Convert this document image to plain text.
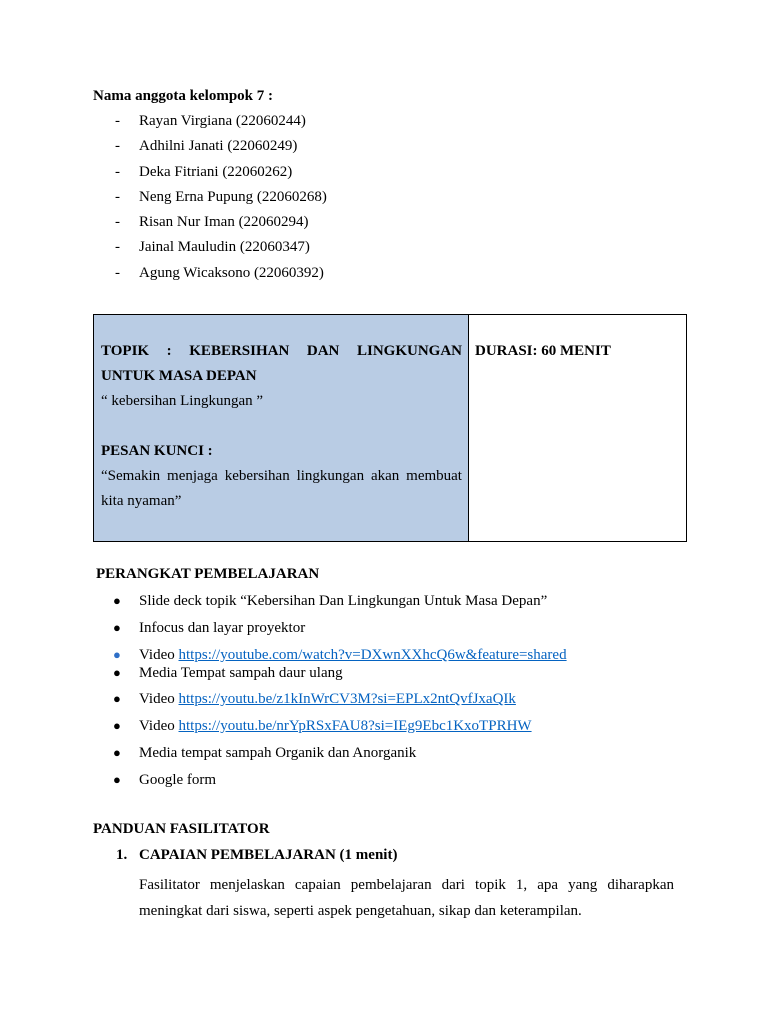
Nama anggota kelompok 7 :
- Rayan Virgiana (22060244)
- Adhilni Janati (22060249)
- Deka Fitriani (22060262)
- Neng Erna Pupung (22060268)
- Risan Nur Iman (22060294)
- Jainal Mauludin (22060347)
- Agung Wicaksono (22060392)
TOPIK : KEBERSIHAN DAN LINGKUNGAN
UNTUK MASA DEPAN
“ kebersihan Lingkungan ”
PESAN KUNCI :
“Semakin menjaga kebersihan lingkungan akan membuat
kita nyaman”
DURASI: 60 MENIT
PERANGKAT PEMBELAJARAN
● Slide deck topik “Kebersihan Dan Lingkungan Untuk Masa Depan”
● Infocus dan layar proyektor
● Video https://youtube.com/watch?v=DXwnXXhcQ6w&feature=shared
● Media Tempat sampah daur ulang
● Video https://youtu.be/z1kInWrCV3M?si=EPLx2ntQvfJxaQIk
● Video https://youtu.be/nrYpRSxFAU8?si=IEg9Ebc1KxoTPRHW
● Media tempat sampah Organik dan Anorganik
● Google form
PANDUAN FASILITATOR
1. CAPAIAN PEMBELAJARAN (1 menit)
Fasilitator menjelaskan capaian pembelajaran dari topik 1, apa yang diharapkan meningkat dari siswa, seperti aspek pengetahuan, sikap dan keterampilan.
